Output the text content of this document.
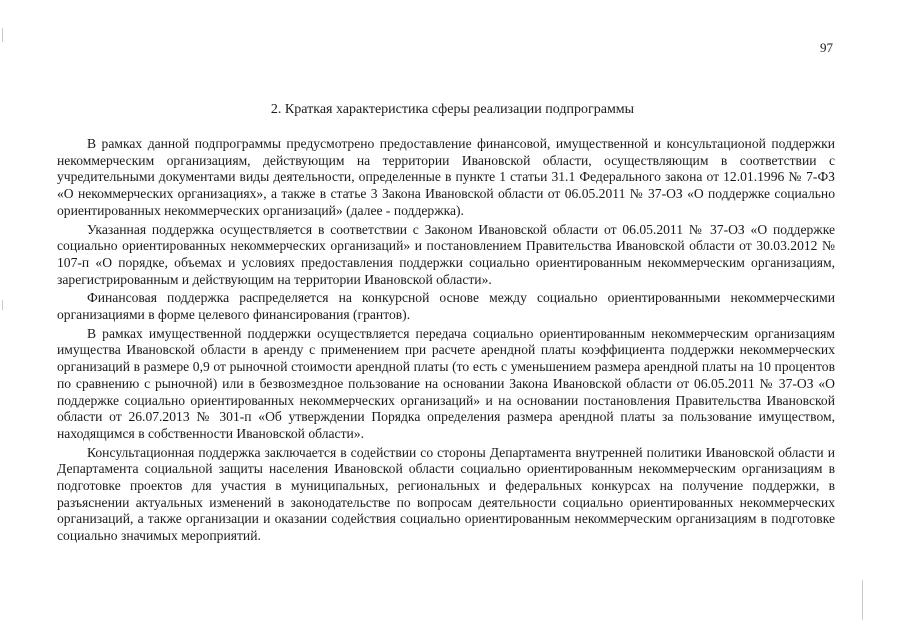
97
2. Краткая характеристика сферы реализации подпрограммы

В рамках данной подпрограммы предусмотрено предоставление финансовой, имущественной и консультационой поддержки некоммерческим организациям, действующим на территории Ивановской области, осуществляющим в соответствии с учредительными документами виды деятельности, определенные в пункте 1 статьи 31.1 Федерального закона от 12.01.1996 № 7-ФЗ «О некоммерческих организациях», а также в статье 3 Закона Ивановской области от 06.05.2011 № 37-ОЗ «О поддержке социально ориентированных некоммерческих организаций» (далее - поддержка).

Указанная поддержка осуществляется в соответствии с Законом Ивановской области от 06.05.2011 № 37-ОЗ «О поддержке социально ориентированных некоммерческих организаций» и постановлением Правительства Ивановской области от 30.03.2012 № 107-п «О порядке, объемах и условиях предоставления поддержки социально ориентированным некоммерческим организациям, зарегистрированным и действующим на территории Ивановской области».

Финансовая поддержка распределяется на конкурсной основе между социально ориентированными некоммерческими организациями в форме целевого финансирования (грантов).

В рамках имущественной поддержки осуществляется передача социально ориентированным некоммерческим организациям имущества Ивановской области в аренду с применением при расчете арендной платы коэффициента поддержки некоммерческих организаций в размере 0,9 от рыночной стоимости арендной платы (то есть с уменьшением размера арендной платы на 10 процентов по сравнению с рыночной) или в безвозмездное пользование на основании Закона Ивановской области от 06.05.2011 № 37-ОЗ «О поддержке социально ориентированных некоммерческих организаций» и на основании постановления Правительства Ивановской области от 26.07.2013 № 301-п «Об утверждении Порядка определения размера арендной платы за пользование имуществом, находящимся в собственности Ивановской области».

Консультационная поддержка заключается в содействии со стороны Департамента внутренней политики Ивановской области и Департамента социальной защиты населения Ивановской области социально ориентированным некоммерческим организациям в подготовке проектов для участия в муниципальных, региональных и федеральных конкурсах на получение поддержки, в разъяснении актуальных изменений в законодательстве по вопросам деятельности социально ориентированных некоммерческих организаций, а также организации и оказании содействия социально ориентированным некоммерческим организациям в подготовке социально значимых мероприятий.
